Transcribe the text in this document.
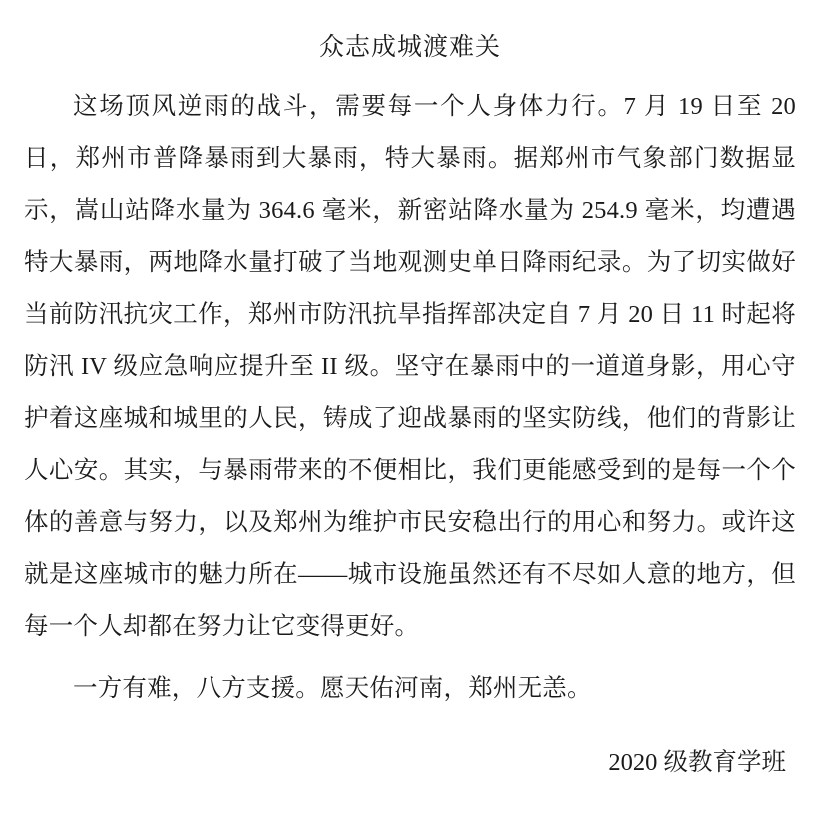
众志成城渡难关

这场顶风逆雨的战斗，需要每一个人身体力行。7 月 19 日至 20 日，郑州市普降暴雨到大暴雨，特大暴雨。据郑州市气象部门数据显示，嵩山站降水量为 364.6 毫米，新密站降水量为 254.9 毫米，均遭遇特大暴雨，两地降水量打破了当地观测史单日降雨纪录。为了切实做好当前防汛抗灾工作，郑州市防汛抗旱指挥部决定自 7 月 20 日 11 时起将防汛 IV 级应急响应提升至 II 级。坚守在暴雨中的一道道身影，用心守护着这座城和城里的人民，铸成了迎战暴雨的坚实防线，他们的背影让人心安。其实，与暴雨带来的不便相比，我们更能感受到的是每一个个体的善意与努力，以及郑州为维护市民安稳出行的用心和努力。或许这就是这座城市的魅力所在——城市设施虽然还有不尽如人意的地方，但每一个人却都在努力让它变得更好。

一方有难，八方支援。愿天佑河南，郑州无恙。

2020 级教育学班
